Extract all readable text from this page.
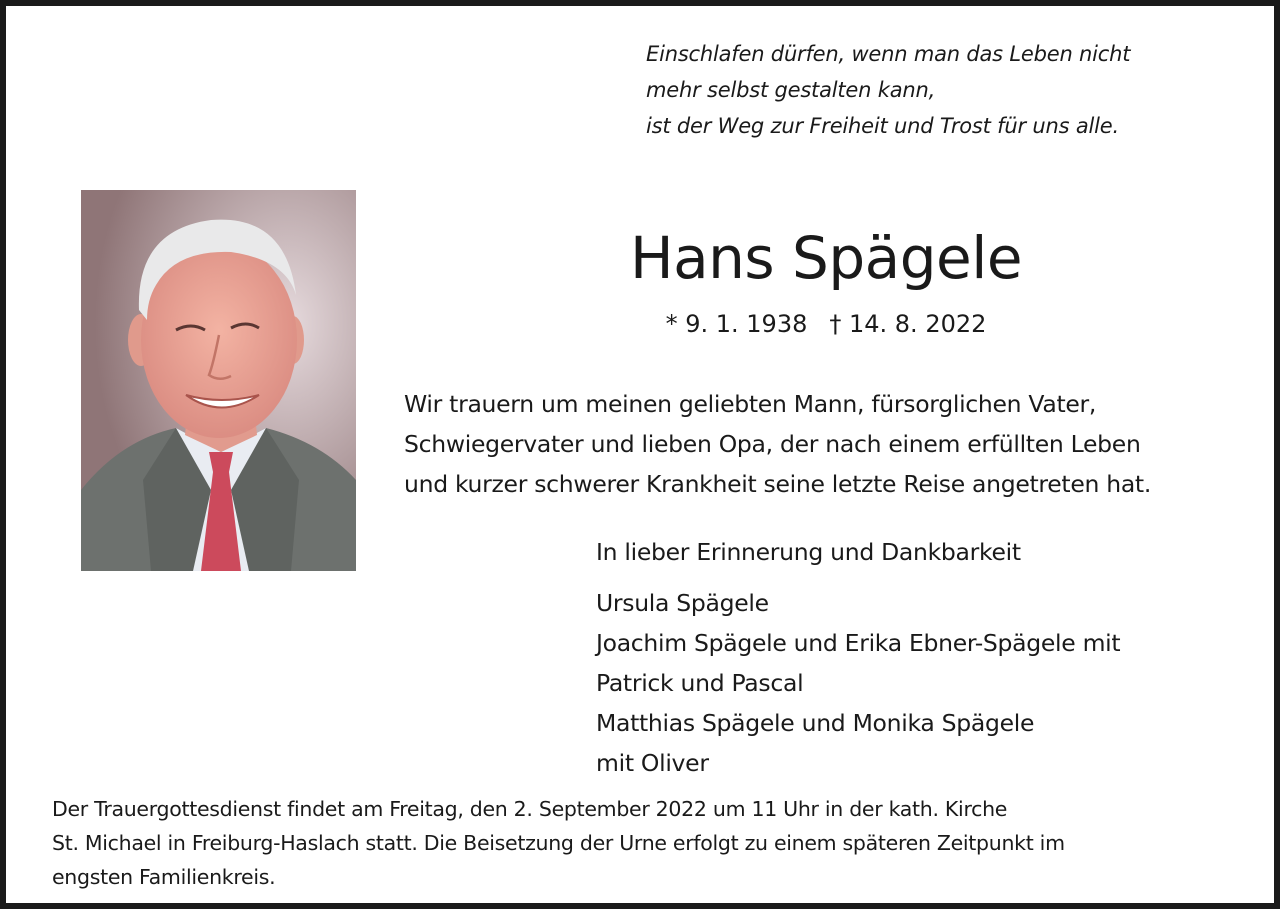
Einschlafen dürfen, wenn man das Leben nicht
mehr selbst gestalten kann,
ist der Weg zur Freiheit und Trost für uns alle.
Hans Spägele
* 9. 1. 1938 † 14. 8. 2022
Wir trauern um meinen geliebten Mann, fürsorglichen Vater,
Schwiegervater und lieben Opa, der nach einem erfüllten Leben
und kurzer schwerer Krankheit seine letzte Reise angetreten hat.
In lieber Erinnerung und Dankbarkeit
Ursula Spägele
Joachim Spägele und Erika Ebner-Spägele mit
Patrick und Pascal
Matthias Spägele und Monika Spägele
mit Oliver
Der Trauergottesdienst findet am Freitag, den 2. September 2022 um 11 Uhr in der kath. Kirche
St. Michael in Freiburg-Haslach statt. Die Beisetzung der Urne erfolgt zu einem späteren Zeitpunkt im
engsten Familienkreis.
